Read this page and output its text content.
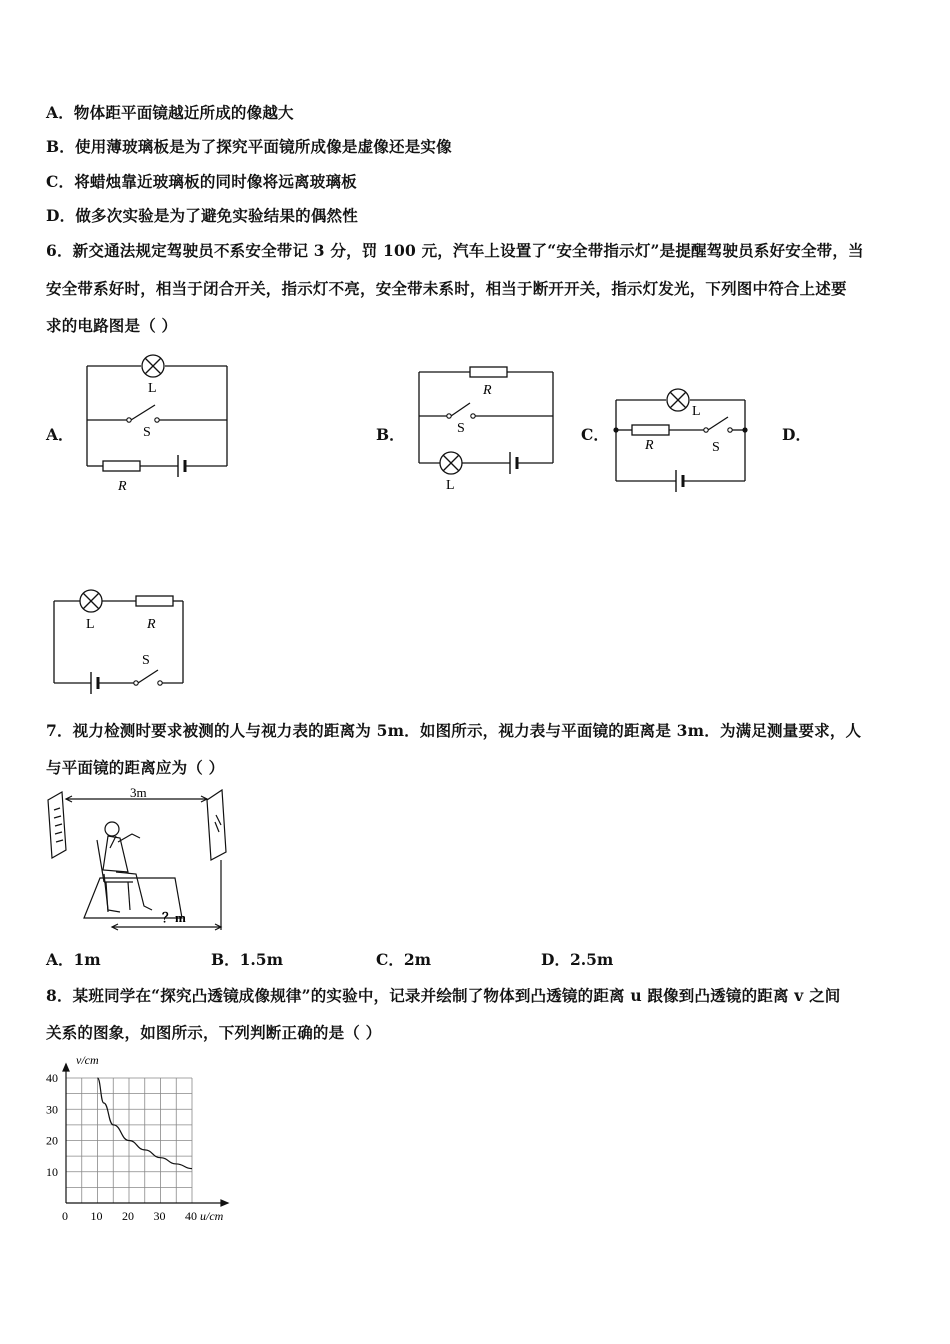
A．物体距平面镜越近所成的像越大
B．使用薄玻璃板是为了探究平面镜所成像是虚像还是实像
C．将蜡烛靠近玻璃板的同时像将远离玻璃板
D．做多次实验是为了避免实验结果的偶然性
6．新交通法规定驾驶员不系安全带记 3 分，罚 100 元，汽车上设置了“安全带指示灯”是提醒驾驶员系好安全带，当
安全带系好时，相当于闭合开关，指示灯不亮，安全带未系时，相当于断开开关，指示灯发光，下列图中符合上述要
求的电路图是（ ）
A．	B．	C．	D．
L
S
R
R
S
L
L
R	S
L	R
S
7．视力检测时要求被测的人与视力表的距离为 5m．如图所示，视力表与平面镜的距离是 3m．为满足测量要求，人
与平面镜的距离应为（ ）
3m
？m
A．1m	B．1.5m	C．2m	D．2.5m
8．某班同学在“探究凸透镜成像规律”的实验中，记录并绘制了物体到凸透镜的距离 u 跟像到凸透镜的距离 v 之间
关系的图象，如图所示，下列判断正确的是（ ）
0 10 20 30 40
10
20
30
40
v/cm
u/cm
